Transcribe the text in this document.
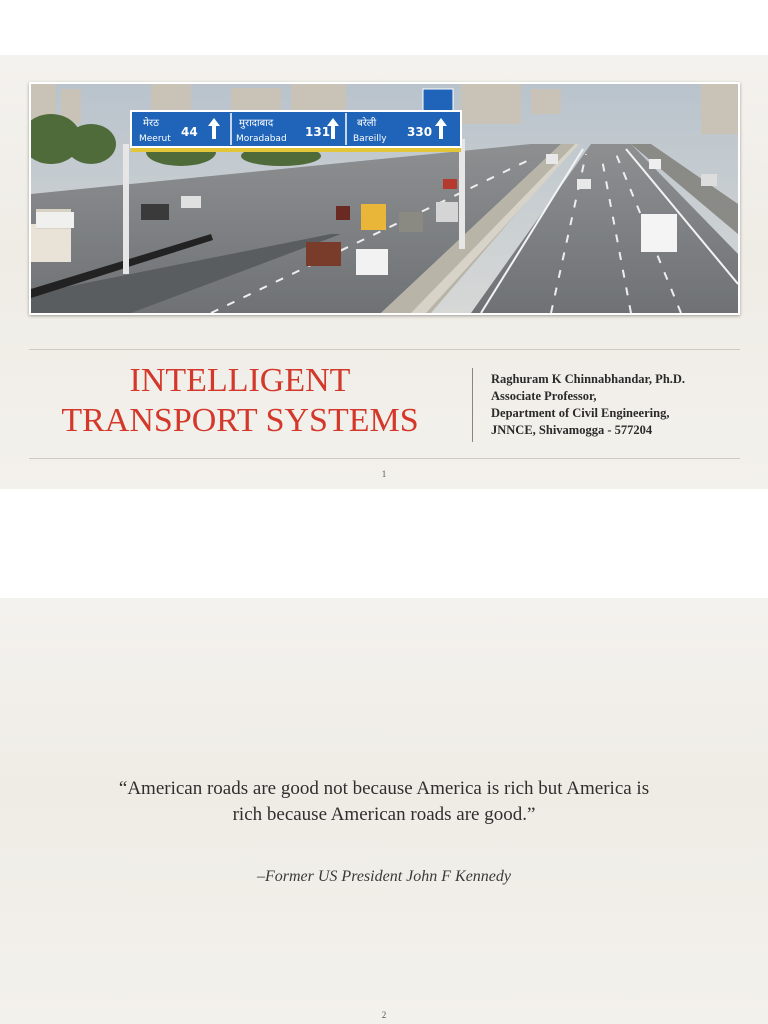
मेरठ
Meerut 44
मुरादाबाद
Moradabad 131
बरेली
Bareilly 330
INTELLIGENT
TRANSPORT SYSTEMS
Raghuram K Chinnabhandar, Ph.D.
Associate Professor,
Department of Civil Engineering,
JNNCE, Shivamogga - 577204
1
“American roads are good not because America is rich but America is
rich because American roads are good.”
–Former US President John F Kennedy
2
